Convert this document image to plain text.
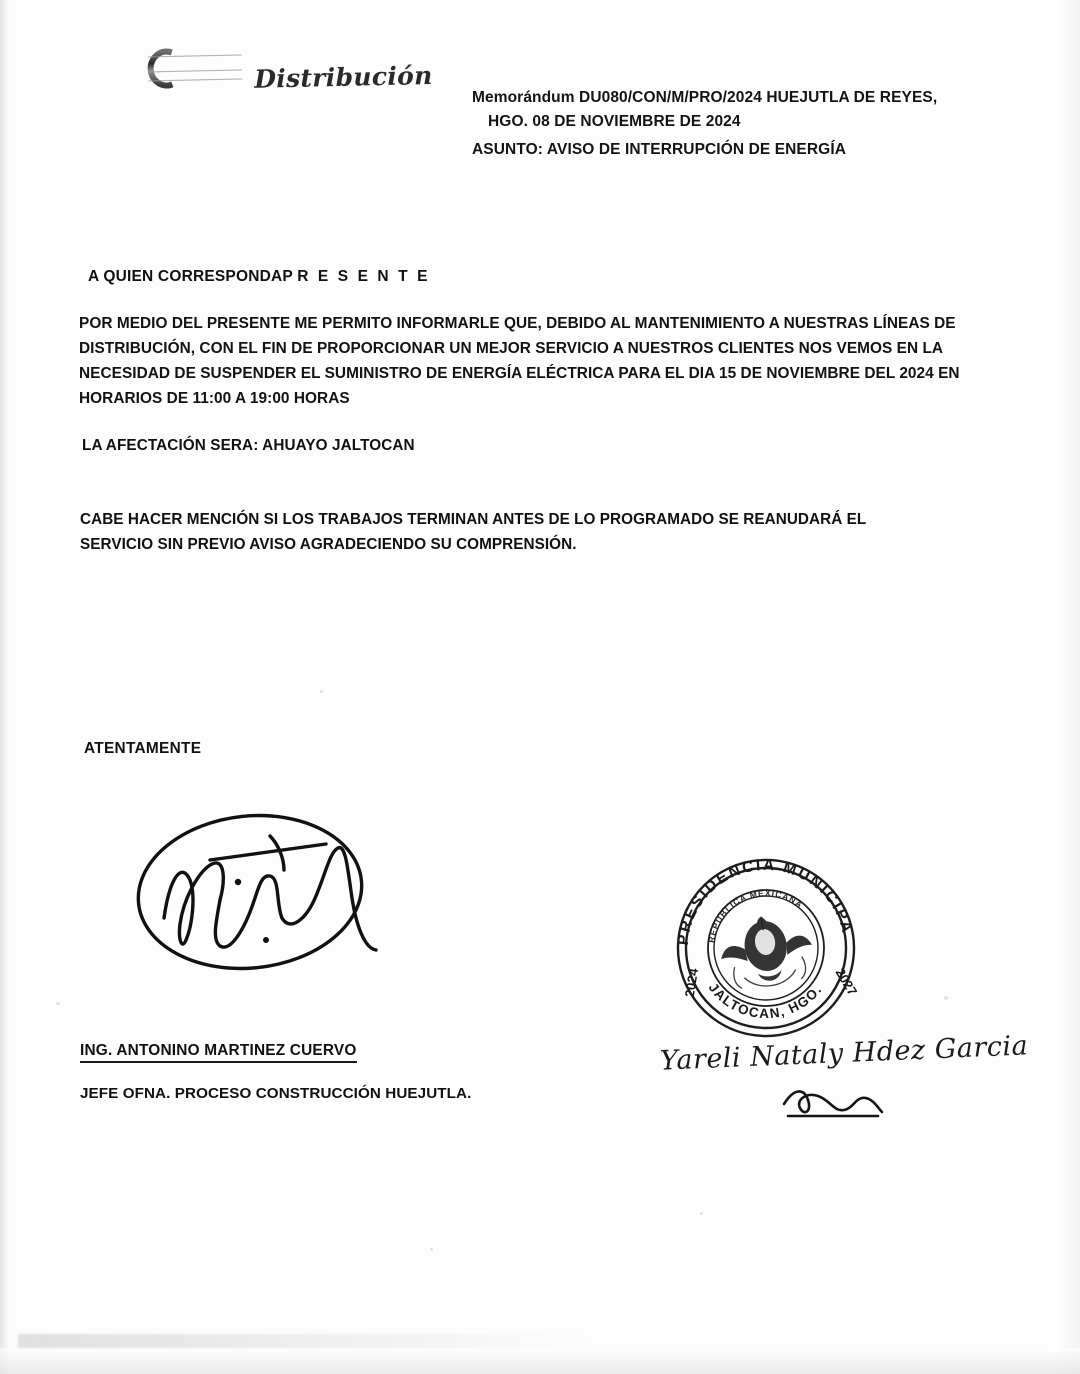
Distribución
Memorándum DU080/CON/M/PRO/2024 HUEJUTLA DE REYES,
HGO. 08 DE NOVIEMBRE DE 2024
ASUNTO: AVISO DE INTERRUPCIÓN DE ENERGÍA
A QUIEN CORRESPONDAP R E S E N T E
POR MEDIO DEL PRESENTE ME PERMITO INFORMARLE QUE, DEBIDO AL MANTENIMIENTO A NUESTRAS LÍNEAS DE DISTRIBUCIÓN, CON EL FIN DE PROPORCIONAR UN MEJOR SERVICIO A NUESTROS CLIENTES NOS VEMOS EN LA NECESIDAD DE SUSPENDER EL SUMINISTRO DE ENERGÍA ELÉCTRICA PARA EL DIA 15 DE NOVIEMBRE DEL 2024 EN HORARIOS DE 11:00 A 19:00 HORAS
LA AFECTACIÓN SERA: AHUAYO JALTOCAN
CABE HACER MENCIÓN SI LOS TRABAJOS TERMINAN ANTES DE LO PROGRAMADO SE REANUDARÁ EL SERVICIO SIN PREVIO AVISO AGRADECIENDO SU COMPRENSIÓN.
ATENTAMENTE
ING. ANTONINO MARTINEZ CUERVO
JEFE OFNA. PROCESO CONSTRUCCIÓN HUEJUTLA.
PRESIDENCIA MUNICIPAL
JALTOCAN, HGO.
REPUBLICA MEXICANA
2024	2027
Yareli Nataly Hdez Garcia
